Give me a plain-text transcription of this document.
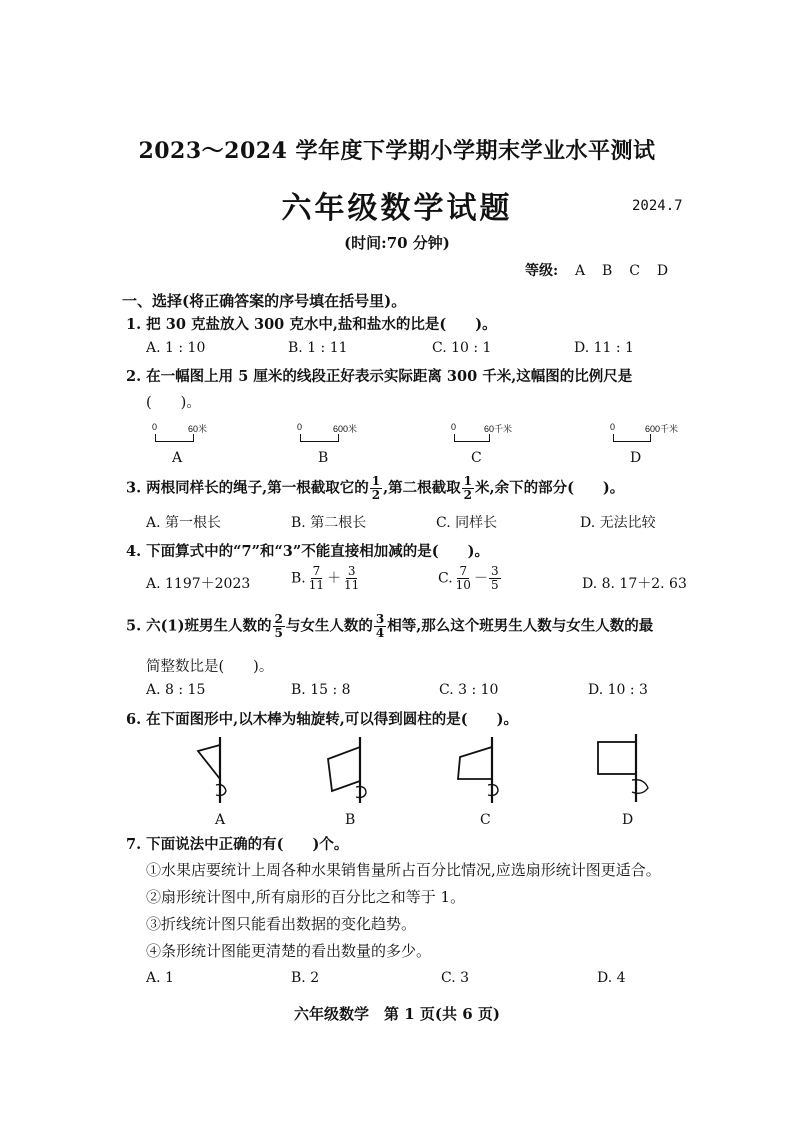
2023～2024 学年度下学期小学期末学业水平测试
六年级数学试题	2024.7
(时间:70 分钟)
等级: A B C D
一、选择(将正确答案的序号填在括号里)。
1. 把 30 克盐放入 300 克水中,盐和盐水的比是(　　)。
A. 1 : 10	B. 1 : 11	C. 10 : 1	D. 11 : 1
2. 在一幅图上用 5 厘米的线段正好表示实际距离 300 千米,这幅图的比例尺是
(　　)。
0	60米	0	600米	0	60千米	0	600千米
A	B	C	D
3. 两根同样长的绳子,第一根截取它的 $\frac{1}{2}$ ,第二根截取 $\frac{1}{2}$ 米,余下的部分(　　)。
A. 第一根长	B. 第二根长	C. 同样长	D. 无法比较
4. 下面算式中的“7”和“3”不能直接相加减的是(　　)。
A. 1197＋2023	B. $\frac{7}{11} + \frac{3}{11}$	C. $\frac{7}{10} - \frac{3}{5}$	D. 8. 17＋2. 63
5. 六(1)班男生人数的 $\frac{2}{5}$ 与女生人数的 $\frac{3}{4}$ 相等,那么这个班男生人数与女生人数的最
简整数比是(　　)。
A. 8 : 15	B. 15 : 8	C. 3 : 10	D. 10 : 3
6. 在下面图形中,以木棒为轴旋转,可以得到圆柱的是(　　)。
A	B	C	D
7. 下面说法中正确的有(　　)个。
①水果店要统计上周各种水果销售量所占百分比情况,应选扇形统计图更适合。
②扇形统计图中,所有扇形的百分比之和等于 1。
③折线统计图只能看出数据的变化趋势。
④条形统计图能更清楚的看出数量的多少。
A. 1	B. 2	C. 3	D. 4
六年级数学　第 1 页(共 6 页)
